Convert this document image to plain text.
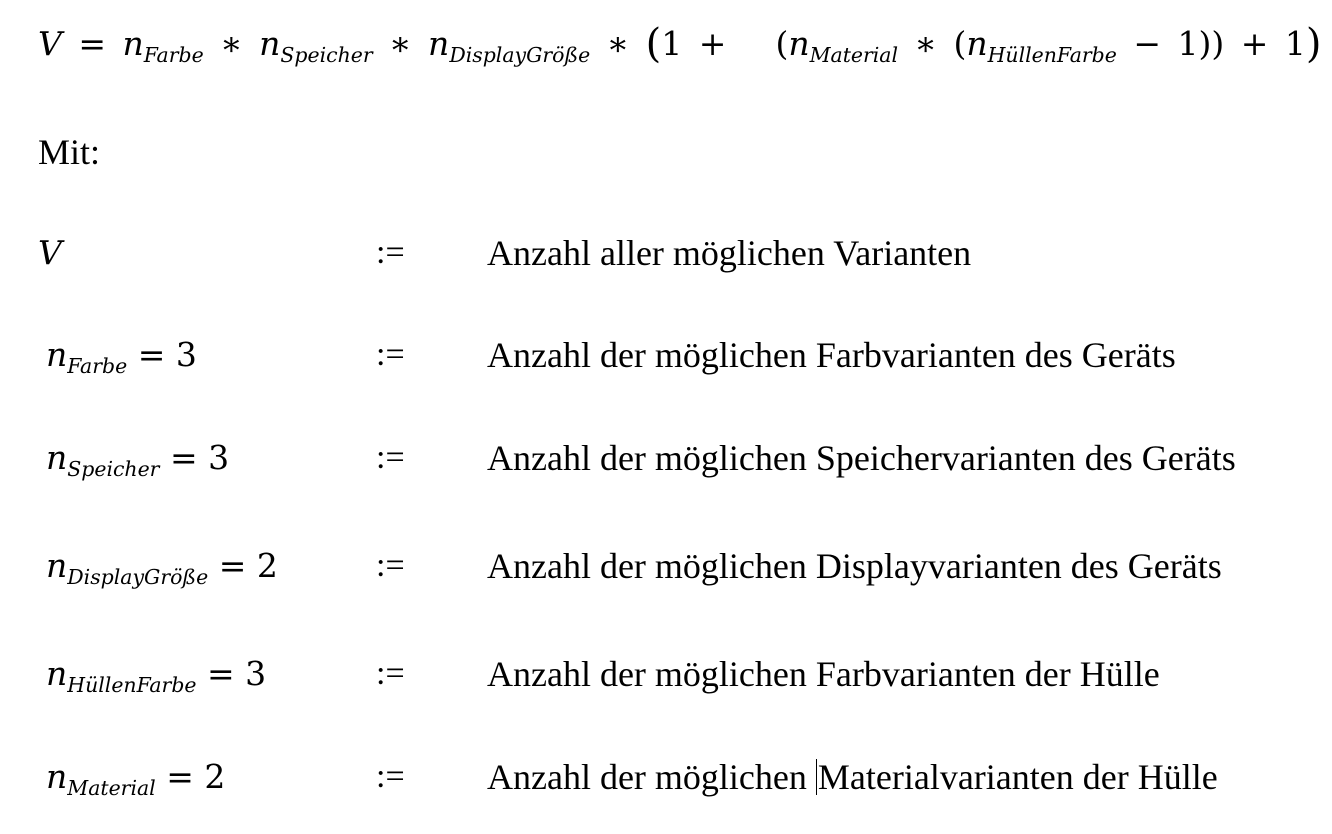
$V = n_{Farbe}$ ∗ $n_{Speicher}$ ∗ $n_{DisplayGröße}$ ∗ ($1 + (n_{Material}$ ∗ $(n_{HüllenFarbe} - 1)) + 1$)
Mit:
V	:= Anzahl aller möglichen Varianten
$n_{Farbe} = 3$	:= Anzahl der möglichen Farbvarianten des Geräts
$n_{Speicher} = 3$	:= Anzahl der möglichen Speichervarianten des Geräts
$n_{DisplayGröße} = 2$	:= Anzahl der möglichen Displayvarianten des Geräts
$n_{HüllenFarbe} = 3$	:= Anzahl der möglichen Farbvarianten der Hülle
$n_{Material} = 2$	:= Anzahl der möglichen Materialvarianten der Hülle
